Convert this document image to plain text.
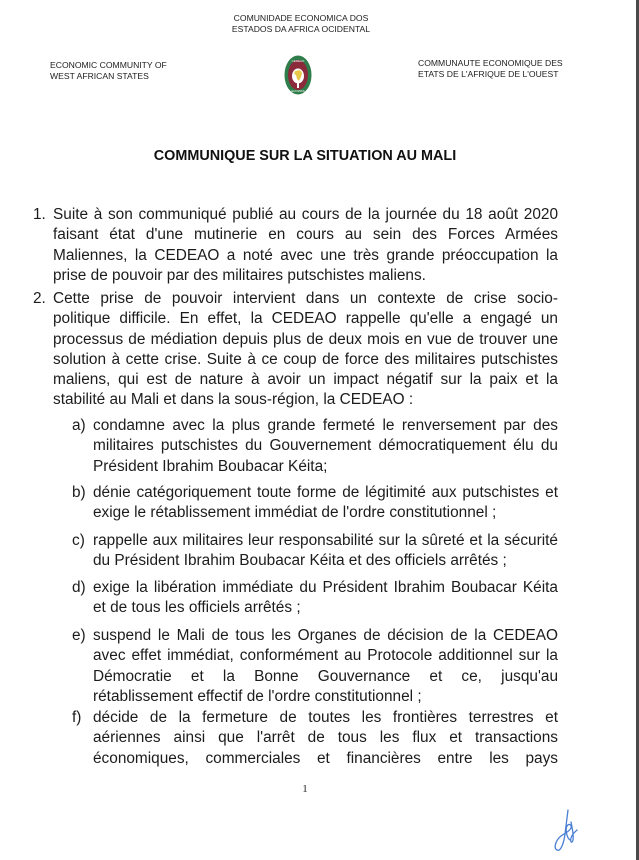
COMUNIDADE ECONOMICA DOS
ESTADOS DA AFRICA OCIDENTAL
ECONOMIC COMMUNITY OF
WEST AFRICAN STATES
COMMUNAUTE ECONOMIQUE DES
ETATS DE L'AFRIQUE DE L'OUEST
CEDEAO
ECOWAS
COMMUNIQUE SUR LA SITUATION AU MALI
1. Suite à son communiqué publié au cours de la journée du 18 août 2020
faisant état d'une mutinerie en cours au sein des Forces Armées
Maliennes, la CEDEAO a noté avec une très grande préoccupation la
prise de pouvoir par des militaires putschistes maliens.
2. Cette prise de pouvoir intervient dans un contexte de crise socio-
politique difficile. En effet, la CEDEAO rappelle qu'elle a engagé un
processus de médiation depuis plus de deux mois en vue de trouver une
solution à cette crise. Suite à ce coup de force des militaires putschistes
maliens, qui est de nature à avoir un impact négatif sur la paix et la
stabilité au Mali et dans la sous-région, la CEDEAO :
a) condamne avec la plus grande fermeté le renversement par des
militaires putschistes du Gouvernement démocratiquement élu du
Président Ibrahim Boubacar Kéita;
b) dénie catégoriquement toute forme de légitimité aux putschistes et
exige le rétablissement immédiat de l'ordre constitutionnel ;
c) rappelle aux militaires leur responsabilité sur la sûreté et la sécurité
du Président Ibrahim Boubacar Kéita et des officiels arrêtés ;
d) exige la libération immédiate du Président Ibrahim Boubacar Kéita
et de tous les officiels arrêtés ;
e) suspend le Mali de tous les Organes de décision de la CEDEAO
avec effet immédiat, conformément au Protocole additionnel sur la
Démocratie et la Bonne Gouvernance et ce, jusqu'au
rétablissement effectif de l'ordre constitutionnel ;
f) décide de la fermeture de toutes les frontières terrestres et
aériennes ainsi que l'arrêt de tous les flux et transactions
économiques, commerciales et financières entre les pays
1
